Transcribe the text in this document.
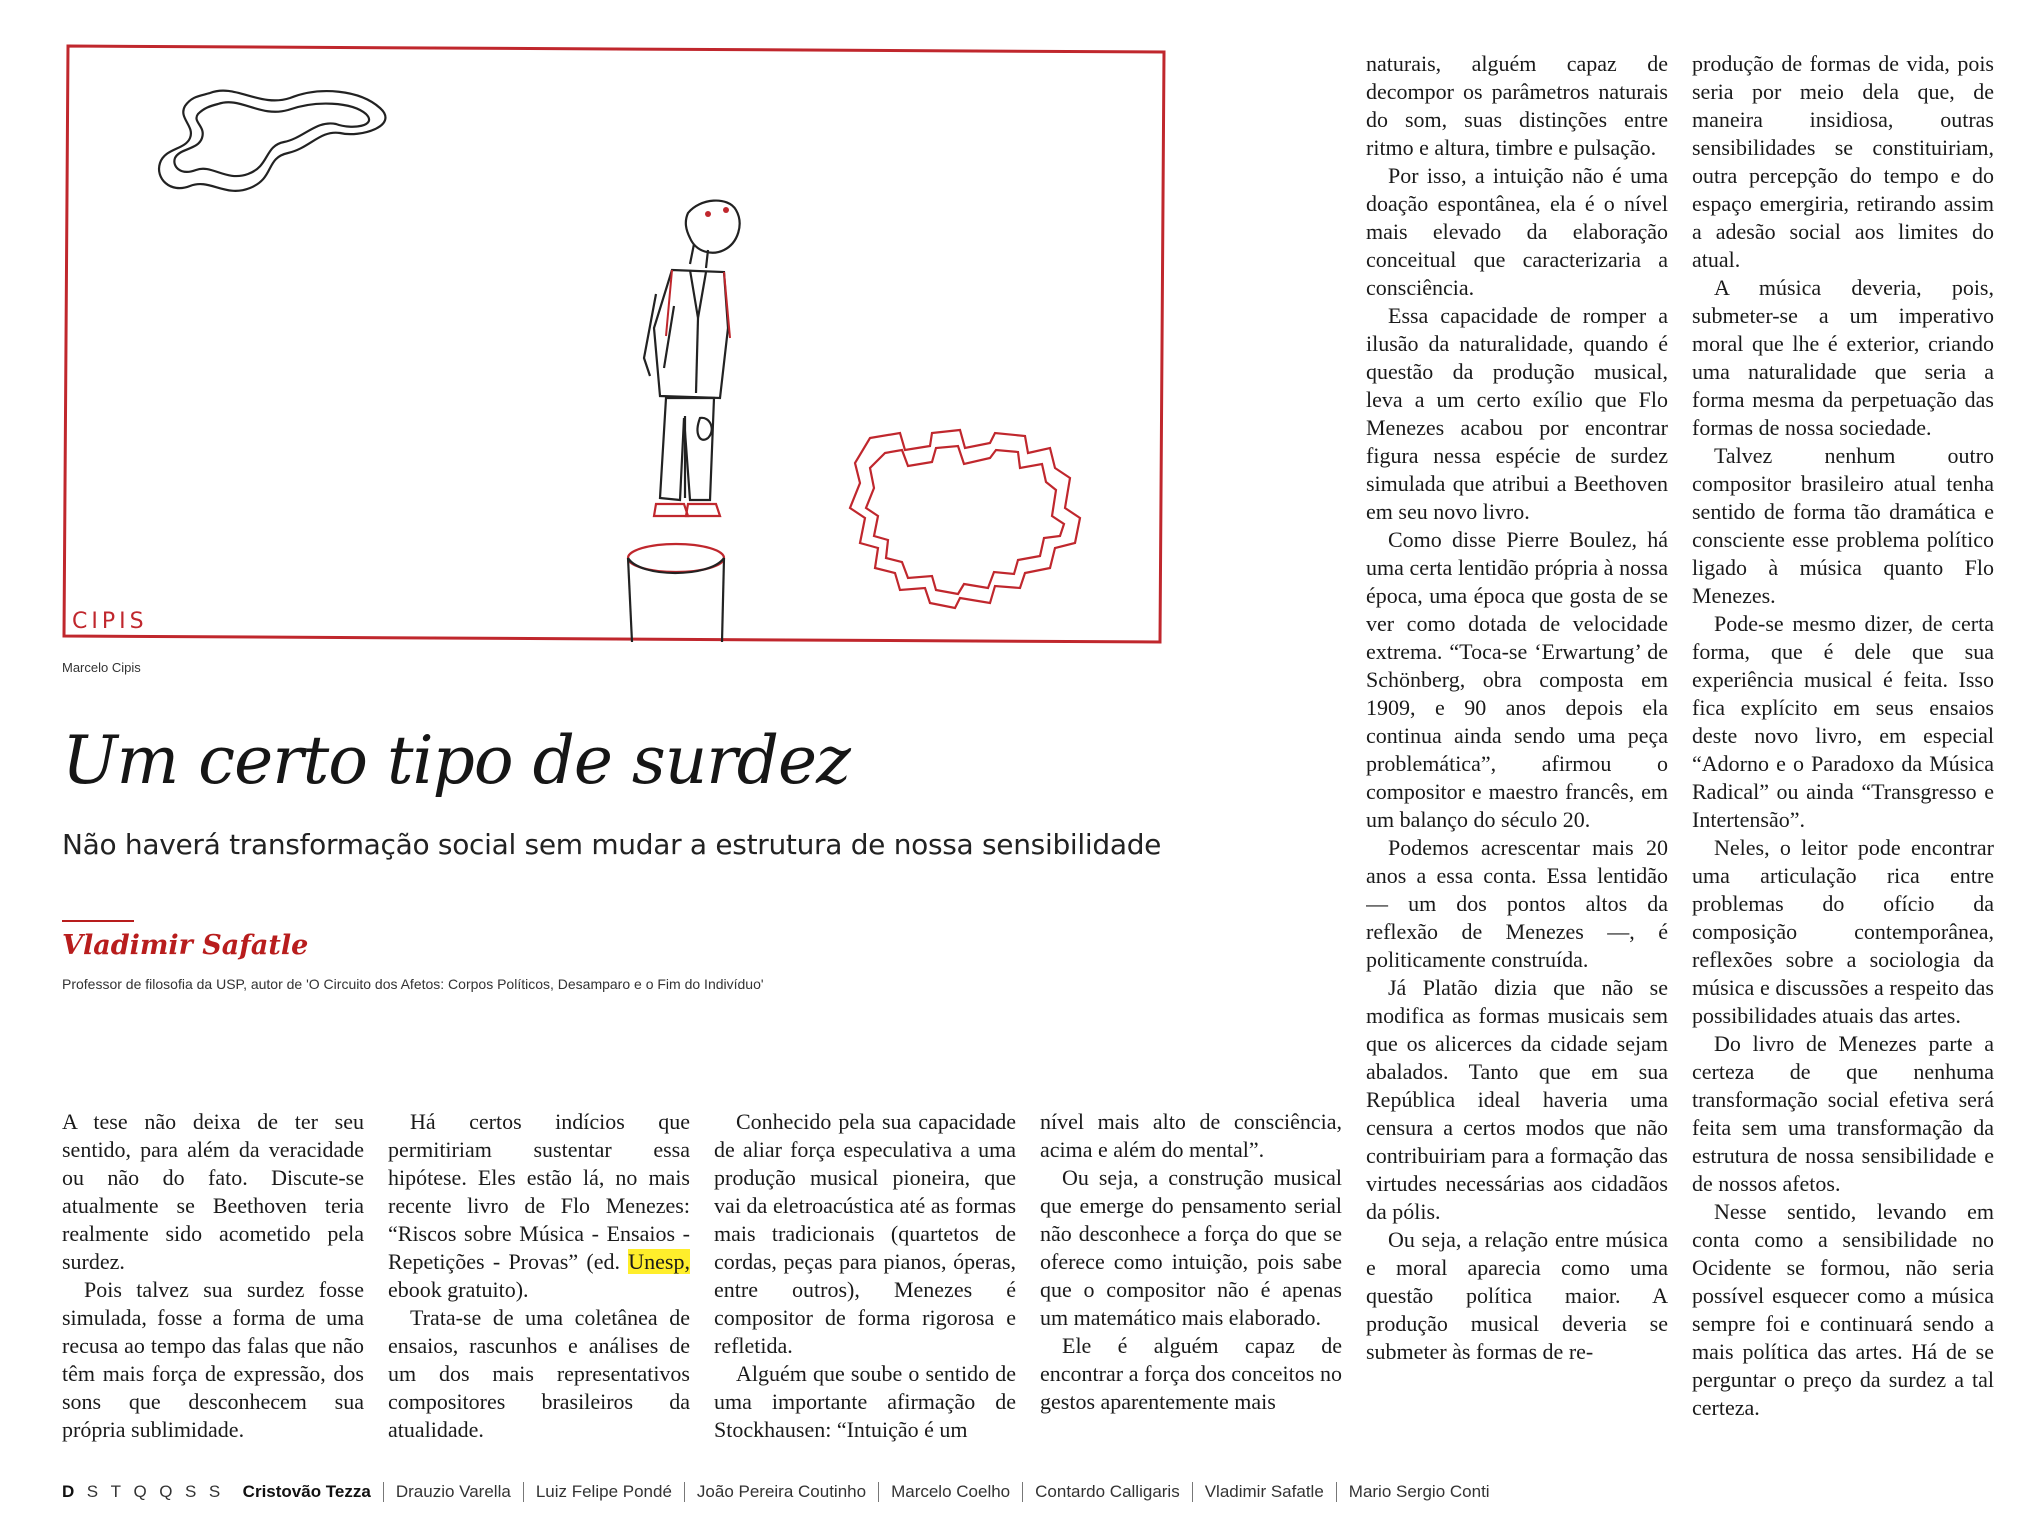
CIPIS
Marcelo Cipis
Um certo tipo de surdez
Não haverá transformação social sem mudar a estrutura de nossa sensibilidade
Vladimir Safatle
Professor de filosofia da USP, autor de 'O Circuito dos Afetos: Corpos Políticos, Desamparo e o Fim do Indivíduo'

A tese não deixa de ter seu sentido, para além da veracidade ou não do fato. Discute-se atualmente se Beethoven teria realmente sido acometido pela surdez.

Pois talvez sua surdez fosse simulada, fosse a forma de uma recusa ao tempo das falas que não têm mais força de expressão, dos sons que desconhecem sua própria sublimidade.

Há certos indícios que permitiriam sustentar essa hipótese. Eles estão lá, no mais recente livro de Flo Menezes: “Riscos sobre Música - Ensaios - Repetições - Provas” (ed. Unesp, ebook gratuito).

Trata-se de uma coletânea de ensaios, rascunhos e análises de um dos mais representativos compositores brasileiros da atualidade.

Conhecido pela sua capacidade de aliar força especulativa a uma produção musical pioneira, que vai da eletroacústica até as formas mais tradicionais (quartetos de cordas, peças para pianos, óperas, entre outros), Menezes é compositor de forma rigorosa e refletida.

Alguém que soube o sentido de uma importante afirmação de Stockhausen: “Intuição é um

nível mais alto de consciência, acima e além do mental”.

Ou seja, a construção musical que emerge do pensamento serial não desconhece a força do que se oferece como intuição, pois sabe que o compositor não é apenas um matemático mais elaborado.

Ele é alguém capaz de encontrar a força dos conceitos no gestos aparentemente mais

naturais, alguém capaz de decompor os parâmetros naturais do som, suas distinções entre ritmo e altura, timbre e pulsação.

Por isso, a intuição não é uma doação espontânea, ela é o nível mais elevado da elaboração conceitual que caracterizaria a consciência.

Essa capacidade de romper a ilusão da naturalidade, quando é questão da produção musical, leva a um certo exílio que Flo Menezes acabou por encontrar figura nessa espécie de surdez simulada que atribui a Beethoven em seu novo livro.

Como disse Pierre Boulez, há uma certa lentidão própria à nossa época, uma época que gosta de se ver como dotada de velocidade extrema. “Toca-se ‘Erwartung’ de Schönberg, obra composta em 1909, e 90 anos depois ela continua ainda sendo uma peça problemática”, afirmou o compositor e maestro francês, em um balanço do século 20.

Podemos acrescentar mais 20 anos a essa conta. Essa lentidão — um dos pontos altos da reflexão de Menezes —, é politicamente construída.

Já Platão dizia que não se modifica as formas musicais sem que os alicerces da cidade sejam abalados. Tanto que em sua República ideal haveria uma censura a certos modos que não contribuiriam para a formação das virtudes necessárias aos cidadãos da pólis.

Ou seja, a relação entre música e moral aparecia como uma questão política maior. A produção musical deveria se submeter às formas de re-

produção de formas de vida, pois seria por meio dela que, de maneira insidiosa, outras sensibilidades se constituiriam, outra percepção do tempo e do espaço emergiria, retirando assim a adesão social aos limites do atual.

A música deveria, pois, submeter-se a um imperativo moral que lhe é exterior, criando uma naturalidade que seria a forma mesma da perpetuação das formas de nossa sociedade.

Talvez nenhum outro compositor brasileiro atual tenha sentido de forma tão dramática e consciente esse problema político ligado à música quanto Flo Menezes.

Pode-se mesmo dizer, de certa forma, que é dele que sua experiência musical é feita. Isso fica explícito em seus ensaios deste novo livro, em especial “Adorno e o Paradoxo da Música Radical” ou ainda “Transgresso e Intertensão”.

Neles, o leitor pode encontrar uma articulação rica entre problemas do ofício da composição contemporânea, reflexões sobre a sociologia da música e discussões a respeito das possibilidades atuais das artes.

Do livro de Menezes parte a certeza de que nenhuma transformação social efetiva será feita sem uma transformação da estrutura de nossa sensibilidade e de nossos afetos.

Nesse sentido, levando em conta como a sensibilidade no Ocidente se formou, não seria possível esquecer como a música sempre foi e continuará sendo a mais política das artes. Há de se perguntar o preço da surdez a tal certeza.

D S T Q Q S S Cristovão Tezza	Drauzio Varella	Luiz Felipe Pondé	João Pereira Coutinho	Marcelo Coelho	Contardo Calligaris	Vladimir Safatle	Mario Sergio Conti
